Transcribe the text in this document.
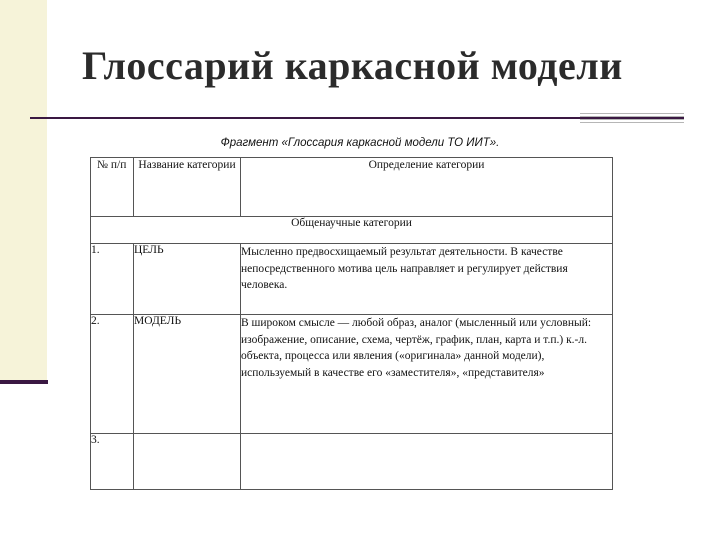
Глоссарий каркасной модели
Фрагмент «Глоссария каркасной модели ТО ИИТ».
№ п/п	Название категории	Определение категории
Общенаучные категории		
1.	ЦЕЛЬ	Мысленно предвосхищаемый результат деятельности. В качестве непосредственного мотива цель направляет и регулирует действия человека.
2.	МОДЕЛЬ	В широком смысле — любой образ, аналог (мысленный или условный: изображение, описание, схема, чертёж, график, план, карта и т.п.) к.-л. объекта, процесса или явления («оригинала» данной модели), используемый в качестве его «заместителя», «представителя»
3.		
